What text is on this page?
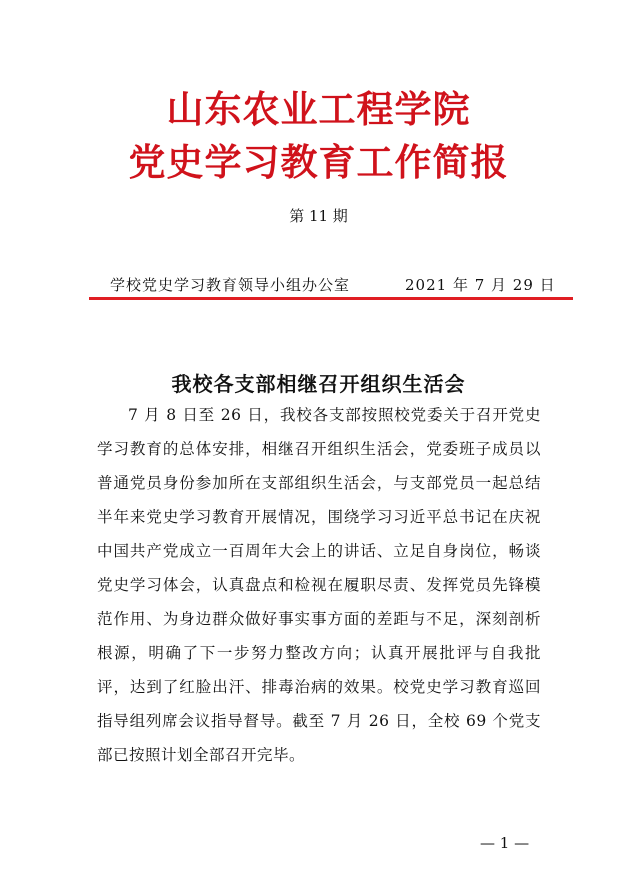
山东农业工程学院
党史学习教育工作简报
第 11 期
学校党史学习教育领导小组办公室	2021 年 7 月 29 日
我校各支部相继召开组织生活会

7 月 8 日至 26 日，我校各支部按照校党委关于召开党史学习教育的总体安排，相继召开组织生活会，党委班子成员以普通党员身份参加所在支部组织生活会，与支部党员一起总结半年来党史学习教育开展情况，围绕学习习近平总书记在庆祝中国共产党成立一百周年大会上的讲话、立足自身岗位，畅谈党史学习体会，认真盘点和检视在履职尽责、发挥党员先锋模范作用、为身边群众做好事实事方面的差距与不足，深刻剖析根源，明确了下一步努力整改方向；认真开展批评与自我批评，达到了红脸出汗、排毒治病的效果。校党史学习教育巡回指导组列席会议指导督导。截至 7 月 26 日，全校 69 个党支部已按照计划全部召开完毕。

— 1 —
